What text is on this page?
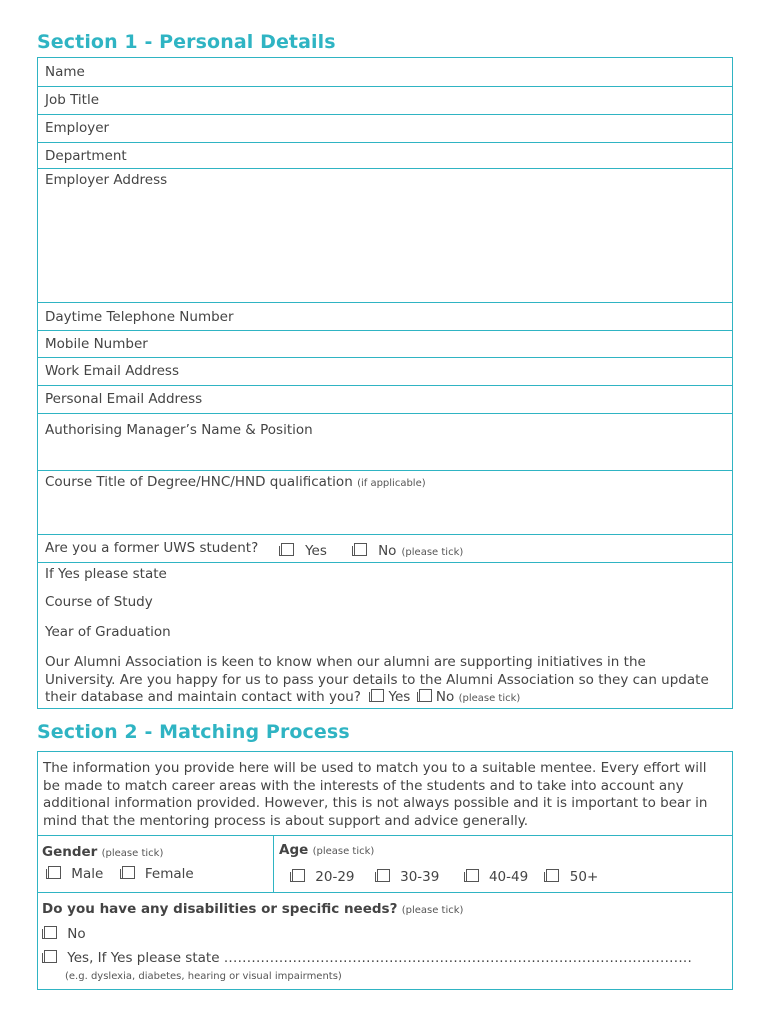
Section 1 - Personal Details
Name
Job Title
Employer
Department
Employer Address
Daytime Telephone Number
Mobile Number
Work Email Address
Personal Email Address
Authorising Manager’s Name & Position
Course Title of Degree/HNC/HND qualification (if applicable)
Are you a former UWS student?	Yes	No (please tick)
If Yes please state
Course of Study
Year of Graduation
Our Alumni Association is keen to know when our alumni are supporting initiatives in the
University. Are you happy for us to pass your details to the Alumni Association so they can update
their database and maintain contact with you? Yes No (please tick)
Section 2 - Matching Process
The information you provide here will be used to match you to a suitable mentee. Every effort will
be made to match career areas with the interests of the students and to take into account any
additional information provided. However, this is not always possible and it is important to bear in
mind that the mentoring process is about support and advice generally.
Gender (please tick)
Male	Female
Age (please tick)
20-29	30-39	40-49	50+
Do you have any disabilities or specific needs? (please tick)
No
Yes, If Yes please state ......................................................................................................
(e.g. dyslexia, diabetes, hearing or visual impairments)
